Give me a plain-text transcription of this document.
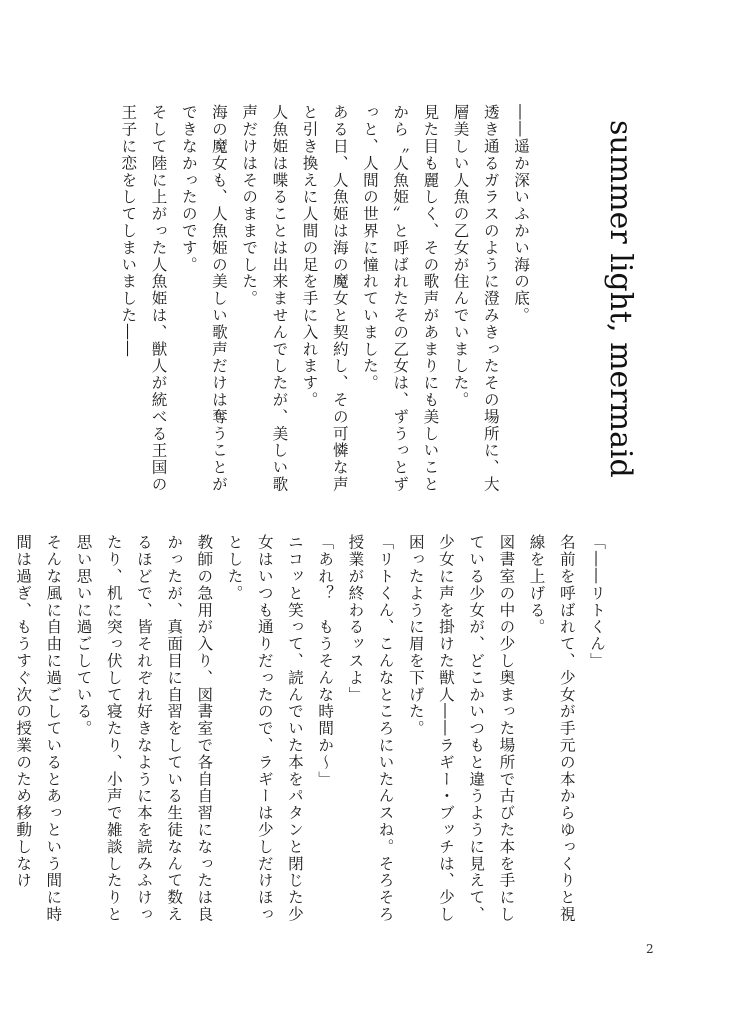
summer light, mermaid

――遥か深いふかい海の底。

透き通るガラスのように澄みきったその場所に、大層美しい人魚の乙女が住んでいました。

見た目も麗しく、その歌声があまりにも美しいことから〝人魚姫〟と呼ばれたその乙女は、ずうっとずっと、人間の世界に憧れていました。

ある日、人魚姫は海の魔女と契約し、その可憐な声と引き換えに人間の足を手に入れます。

人魚姫は喋ることは出来ませんでしたが、美しい歌声だけはそのままでした。

海の魔女も、人魚姫の美しい歌声だけは奪うことができなかったのです。

そして陸に上がった人魚姫は、獣人が統べる王国の王子に恋をしてしまいました――

「――リトくん」

名前を呼ばれて、少女が手元の本からゆっくりと視線を上げる。

図書室の中の少し奥まった場所で古びた本を手にしている少女が、どこかいつもと違うように見えて、少女に声を掛けた獣人――ラギー・ブッチは、少し困ったように眉を下げた。

「リトくん、こんなところにいたんスね。そろそろ授業が終わるッスよ」

「あれ？　もうそんな時間か～」

ニコッと笑って、読んでいた本をパタンと閉じた少女はいつも通りだったので、ラギーは少しだけほっとした。

教師の急用が入り、図書室で各自自習になったは良かったが、真面目に自習をしている生徒なんて数えるほどで、皆それぞれ好きなように本を読みふけったり、机に突っ伏して寝たり、小声で雑談したりと思い思いに過ごしている。

そんな風に自由に過ごしているとあっという間に時間は過ぎ、もうすぐ次の授業のため移動しなけ

2
